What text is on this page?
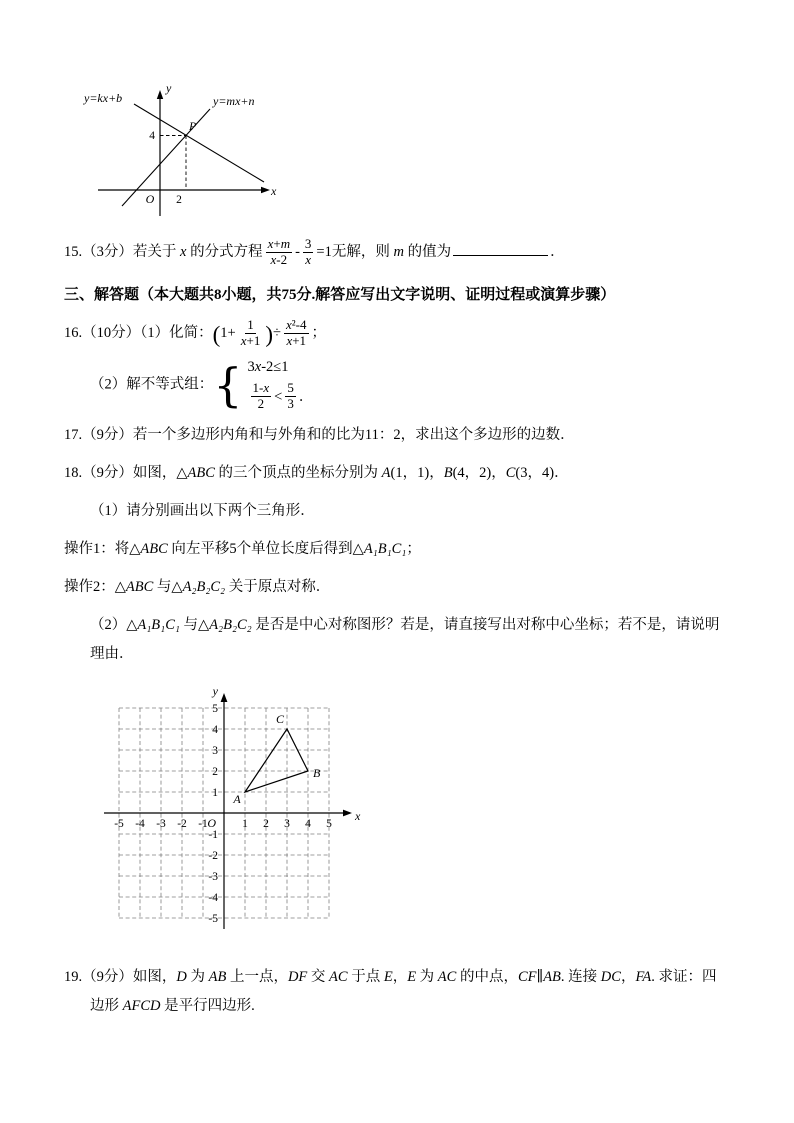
y=kx+b	y=mx+n
y
x
P
4
2
O

15.（3分）若关于 x 的分式方程 $\frac{x+m}{x-2} - \frac{3}{x} =1$无解，则 m 的值为	．

三、解答题（本大题共8小题，共75分.解答应写出文字说明、证明过程或演算步骤）

16.（10分）（1）化简：($1+ \frac{1}{x+1}$ )÷ $\frac{\text{x²-4}}{x+1}$ ；

（2）解不等式组： { 3 x -2≤1
$\frac{1-x}{2} < \frac{5}{3}$ ．

17.（9分）若一个多边形内角和与外角和的比为11：2，求出这个多边形的边数．

18.（9分）如图，△ABC 的三个顶点的坐标分别为 A(1，1)，B(4，2)，C(3，4)．

（1）请分别画出以下两个三角形．

操作1：将△ABC 向左平移5个单位长度后得到△A₁B₁C₁；

操作2：△ABC 与△A₂B₂C₂ 关于原点对称．

（2）△A₁B₁C₁ 与△A₂B₂C₂ 是否是中心对称图形？若是，请直接写出对称中心坐标；若不是，请说明理由．

-5 -4 -3 -2 -1	1 2 3 4 5
5
4
3
2
1
-1
-2
-3
-4
-5
O	x
y
A
B
C

19.（9分）如图，D 为 AB 上一点，DF 交 AC 于点 E，E 为 AC 的中点，CF∥AB. 连接 DC，FA. 求证：四边形 AFCD 是平行四边形.
